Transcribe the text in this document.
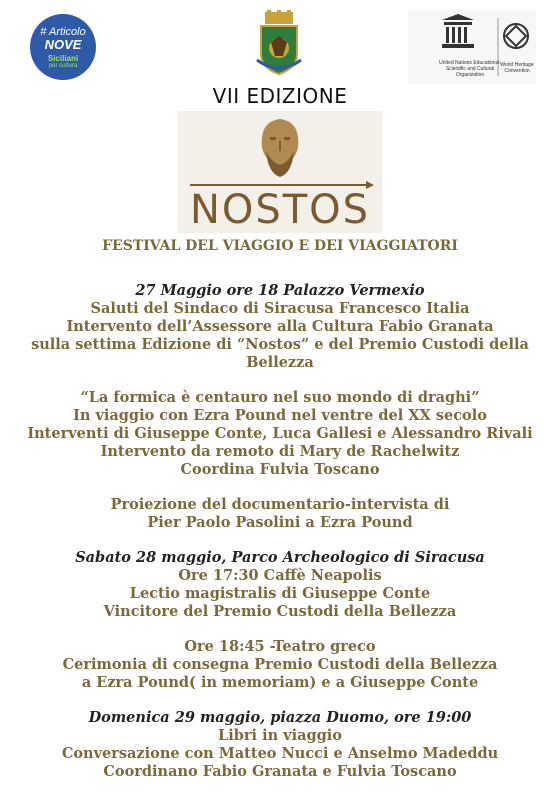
# Articolo
NOVE
Siciliani
per cultura	United Nations Educational, Scientific and Cultural Organization
World Heritage Convention
VII EDIZIONE
NOSTOS
FESTIVAL DEL VIAGGIO E DEI VIAGGIATORI
27 Maggio ore 18 Palazzo Vermexio
Saluti del Sindaco di Siracusa Francesco Italia
Intervento dell’Assessore alla Cultura Fabio Granata
sulla settima Edizione di “Nostos” e del Premio Custodi della Bellezza
“La formica è centauro nel suo mondo di draghi”
In viaggio con Ezra Pound nel ventre del XX secolo
Interventi di Giuseppe Conte, Luca Gallesi e Alessandro Rivali
Intervento da remoto di Mary de Rachelwitz
Coordina Fulvia Toscano
Proiezione del documentario-intervista di
Pier Paolo Pasolini a Ezra Pound
Sabato 28 maggio, Parco Archeologico di Siracusa
Ore 17:30 Caffè Neapolis
Lectio magistralis di Giuseppe Conte
Vincitore del Premio Custodi della Bellezza
Ore 18:45 -Teatro greco
Cerimonia di consegna Premio Custodi della Bellezza
a Ezra Pound( in memoriam) e a Giuseppe Conte
Domenica 29 maggio, piazza Duomo, ore 19:00
Libri in viaggio
Conversazione con Matteo Nucci e Anselmo Madeddu
Coordinano Fabio Granata e Fulvia Toscano
